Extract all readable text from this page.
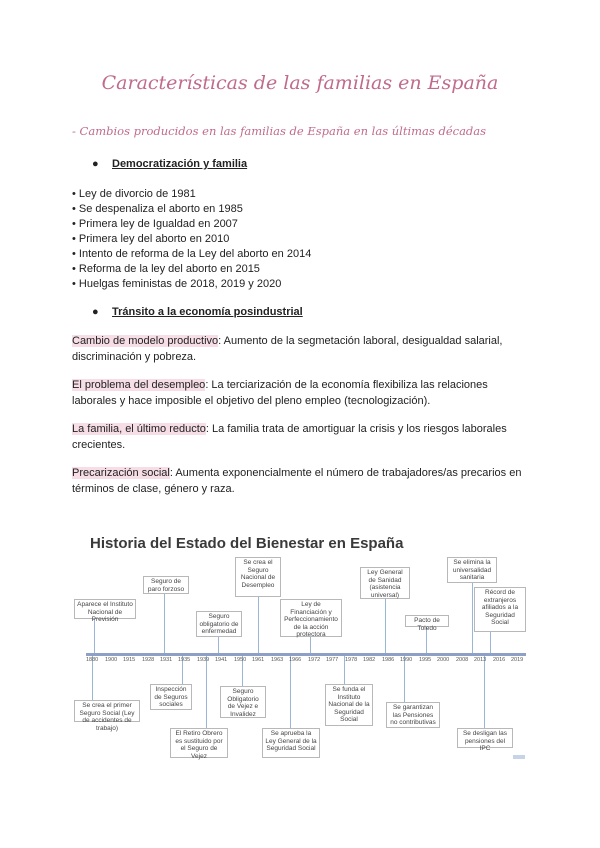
Características de las familias en España
- Cambios producidos en las familias de España en las últimas décadas
● Democratización y familia
• Ley de divorcio de 1981
• Se despenaliza el aborto en 1985
• Primera ley de Igualdad en 2007
• Primera ley del aborto en 2010
• Intento de reforma de la Ley del aborto en 2014
• Reforma de la ley del aborto en 2015
• Huelgas feministas de 2018, 2019 y 2020
● Tránsito a la economía posindustrial
Cambio de modelo productivo: Aumento de la segmetación laboral, desigualdad salarial, discriminación y pobreza.
El problema del desempleo: La terciarización de la economía flexibiliza las relaciones laborales y hace imposible el objetivo del pleno empleo (tecnologización).
La familia, el último reducto: La familia trata de amortiguar la crisis y los riesgos laborales crecientes.
Precarización social: Aumenta exponencialmente el número de trabajadores/as precarios en términos de clase, género y raza.
Historia del Estado del Bienestar en España
Aparece el Instituto Nacional de Previsión
Seguro de paro forzoso
Seguro obligatorio de enfermedad
Se crea el Seguro Nacional de Desempleo
Ley de Financiación y Perfeccionamiento de la acción protectora
Ley General de Sanidad (asistencia universal)
Pacto de Toledo
Se elimina la universalidad sanitaria
Récord de extranjeros afiliados a la Seguridad Social
1880 1900 1915 1928 1931 1935 1939 1941 1950 1961 1963 1966 1972 1977 1978 1982 1986 1990 1995 2000 2008 2013 2016 2019
Se crea el primer Seguro Social (Ley de accidentes de trabajo)
Inspección de Seguros sociales
El Retiro Obrero es sustituido por el Seguro de Vejez
Seguro Obligatorio de Vejez e Invalidez
Se aprueba la Ley General de la Seguridad Social
Se funda el Instituto Nacional de la Seguridad Social
Se garantizan las Pensiones no contributivas
Se desligan las pensiones del IPC
